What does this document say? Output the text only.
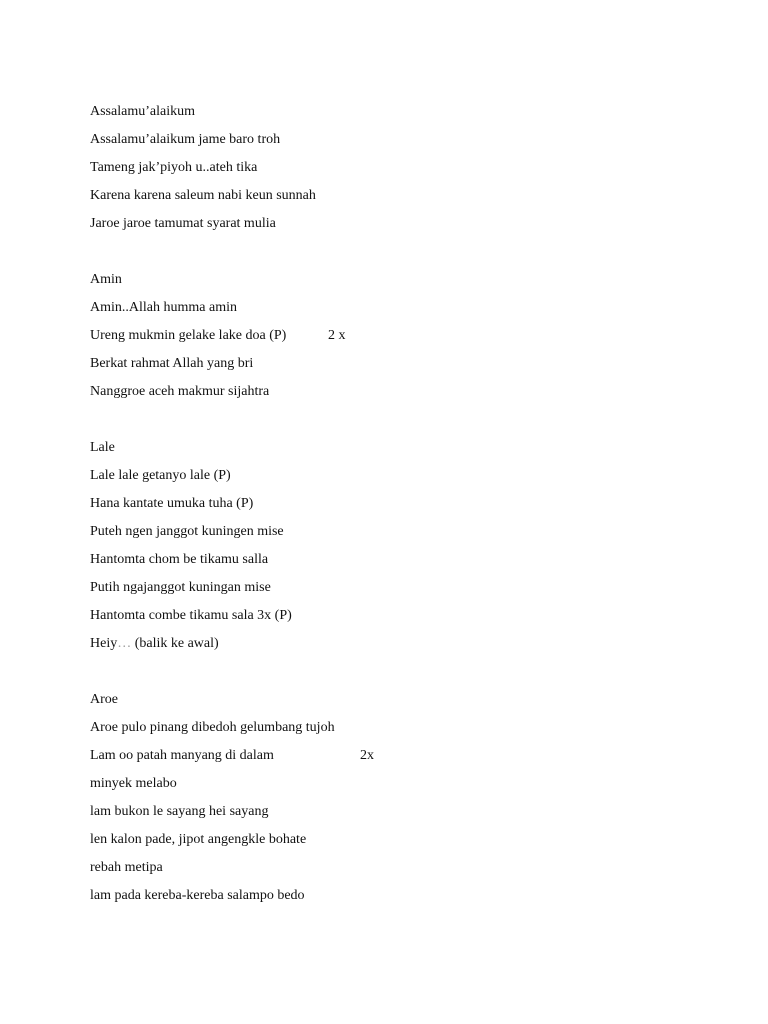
Assalamu’alaikum
Assalamu’alaikum jame baro troh
Tameng jak’piyoh u..ateh tika
Karena karena saleum nabi keun sunnah
Jaroe jaroe tamumat syarat mulia
Amin
Amin..Allah humma amin
Ureng mukmin gelake lake doa (P)	2 x
Berkat rahmat Allah yang bri
Nanggroe aceh makmur sijahtra
Lale
Lale lale getanyo lale (P)
Hana kantate umuka tuha (P)
Puteh ngen janggot kuningen mise
Hantomta chom be tikamu salla
Putih ngajanggot kuningan mise
Hantomta combe tikamu sala 3x (P)
Heiy… (balik ke awal)
Aroe
Aroe pulo pinang dibedoh gelumbang tujoh
Lam oo patah manyang di dalam	2x
minyek melabo
lam bukon le sayang hei sayang
len kalon pade, jipot angengkle bohate
rebah metipa
lam pada kereba-kereba salampo bedo
